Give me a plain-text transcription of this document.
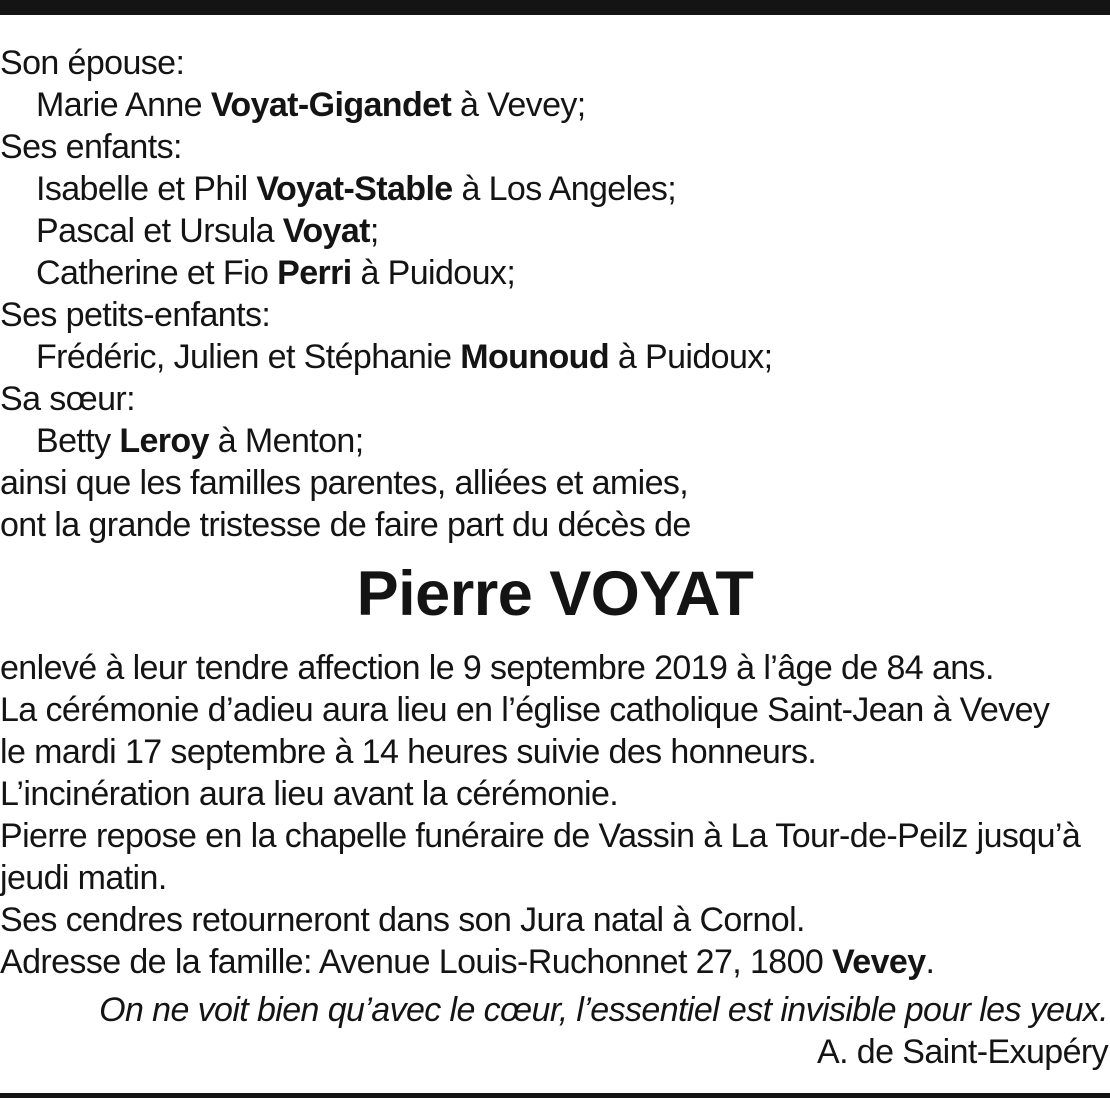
Son épouse:
Marie Anne Voyat-Gigandet à Vevey;
Ses enfants:
Isabelle et Phil Voyat-Stable à Los Angeles;
Pascal et Ursula Voyat;
Catherine et Fio Perri à Puidoux;
Ses petits-enfants:
Frédéric, Julien et Stéphanie Mounoud à Puidoux;
Sa sœur:
Betty Leroy à Menton;
ainsi que les familles parentes, alliées et amies,
ont la grande tristesse de faire part du décès de
Pierre VOYAT
enlevé à leur tendre affection le 9 septembre 2019 à l’âge de 84 ans.
La cérémonie d’adieu aura lieu en l’église catholique Saint-Jean à Vevey
le mardi 17 septembre à 14 heures suivie des honneurs.
L’incinération aura lieu avant la cérémonie.
Pierre repose en la chapelle funéraire de Vassin à La Tour-de-Peilz jusqu’à
jeudi matin.
Ses cendres retourneront dans son Jura natal à Cornol.
Adresse de la famille: Avenue Louis-Ruchonnet 27, 1800 Vevey.
On ne voit bien qu’avec le cœur, l’essentiel est invisible pour les yeux.
A. de Saint-Exupéry
